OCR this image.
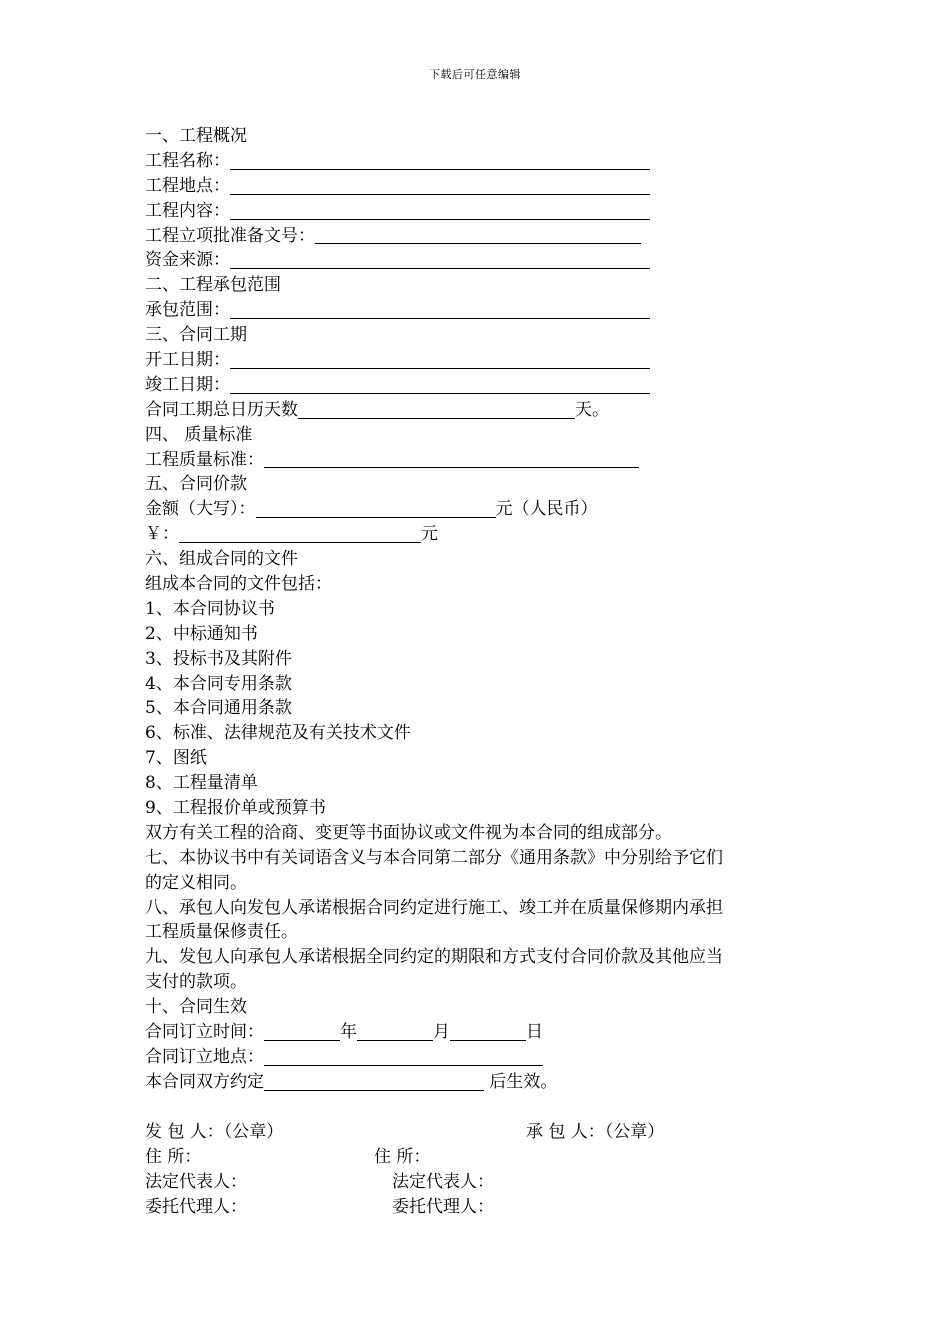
下载后可任意编辑
一、工程概况
工程名称：
工程地点：
工程内容：
工程立项批准备文号：
资金来源：
二、工程承包范围
承包范围：
三、合同工期
开工日期：
竣工日期：
合同工期总日历天数	天。
四、 质量标准
工程质量标准：
五、合同价款
金额（大写）：	元（人民币）
￥：	元
六、组成合同的文件
组成本合同的文件包括：
1、本合同协议书
2、中标通知书
3、投标书及其附件
4、本合同专用条款
5、本合同通用条款
6、标准、法律规范及有关技术文件
7、图纸
8、工程量清单
9、工程报价单或预算书
双方有关工程的洽商、变更等书面协议或文件视为本合同的组成部分。
七、本协议书中有关词语含义与本合同第二部分《通用条款》中分别给予它们
的定义相同。
八、承包人向发包人承诺根据合同约定进行施工、竣工并在质量保修期内承担
工程质量保修责任。
九、发包人向承包人承诺根据全同约定的期限和方式支付合同价款及其他应当
支付的款项。
十、合同生效
合同订立时间：	年	月	日
合同订立地点：
本合同双方约定	后生效。
发 包 人：（公章）	承 包 人：（公章）
住 所：	住 所：
法定代表人：	法定代表人：
委托代理人：	委托代理人：
